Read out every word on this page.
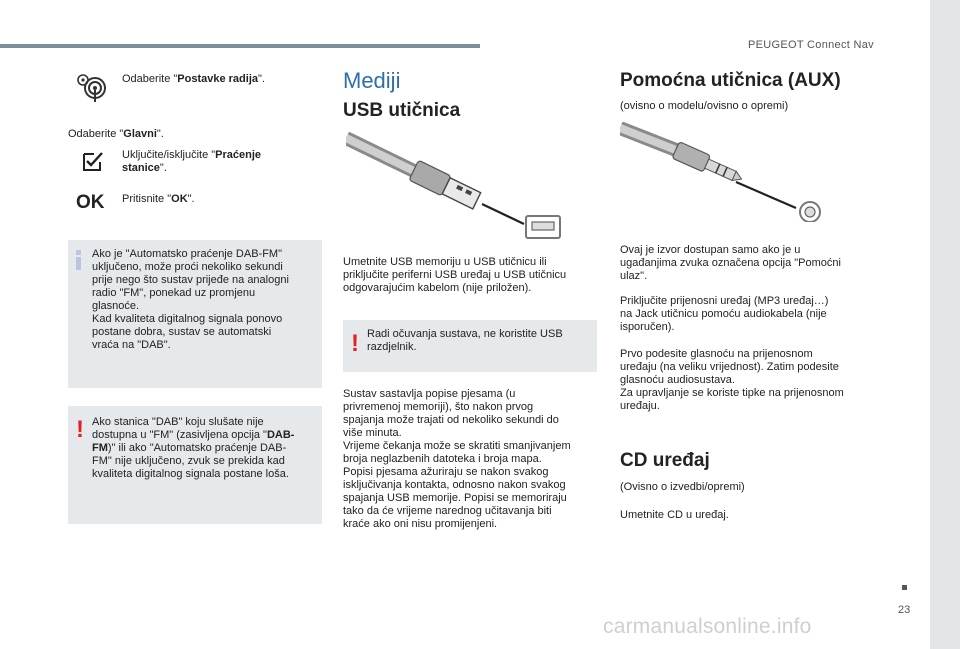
PEUGEOT Connect Nav
Odaberite "Postavke radija".
Odaberite "Glavni".
Uključite/isključite "Praćenje stanice".
OK Pritisnite "OK".
Ako je "Automatsko praćenje DAB-FM"
uključeno, može proći nekoliko sekundi
prije nego što sustav prijeđe na analogni
radio "FM", ponekad uz promjenu
glasnoće.
Kad kvaliteta digitalnog signala ponovo
postane dobra, sustav se automatski
vraća na "DAB".
! Ako stanica "DAB" koju slušate nije
dostupna u "FM" (zasivljena opcija "DAB-
FM)" ili ako "Automatsko praćenje DAB-
FM" nije uključeno, zvuk se prekida kad
kvaliteta digitalnog signala postane loša.
Mediji
USB utičnica
Umetnite USB memoriju u USB utičnicu ili
priključite periferni USB uređaj u USB utičnicu
odgovarajućim kabelom (nije priložen).
! Radi očuvanja sustava, ne koristite USB
razdjelnik.
Sustav sastavlja popise pjesama (u
privremenoj memoriji), što nakon prvog
spajanja može trajati od nekoliko sekundi do
više minuta.
Vrijeme čekanja može se skratiti smanjivanjem
broja neglazbenih datoteka i broja mapa.
Popisi pjesama ažuriraju se nakon svakog
isključivanja kontakta, odnosno nakon svakog
spajanja USB memorije. Popisi se memoriraju
tako da će vrijeme narednog učitavanja biti
kraće ako oni nisu promijenjeni.
Pomoćna utičnica (AUX)
(ovisno o modelu/ovisno o opremi)
Ovaj je izvor dostupan samo ako je u
ugađanjima zvuka označena opcija "Pomoćni
ulaz".
Priključite prijenosni uređaj (MP3 uređaj…)
na Jack utičnicu pomoću audiokabela (nije
isporučen).
Prvo podesite glasnoću na prijenosnom
uređaju (na veliku vrijednost). Zatim podesite
glasnoću audiosustava.
Za upravljanje se koriste tipke na prijenosnom
uređaju.
CD uređaj
(Ovisno o izvedbi/opremi)
Umetnite CD u uređaj.
23
carmanualsonline.info
